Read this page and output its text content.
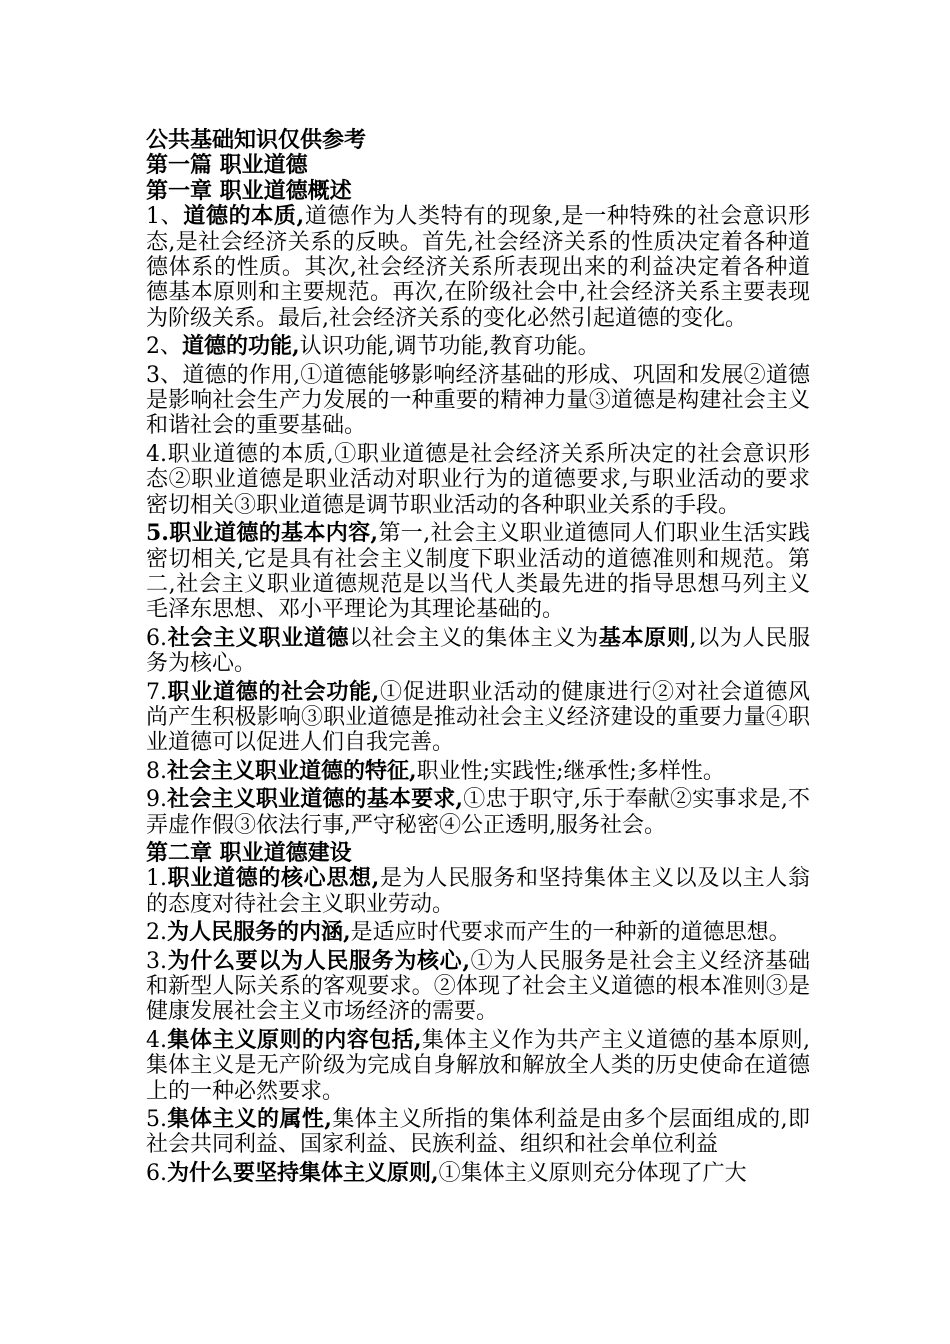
公共基础知识仅供参考
第一篇 职业道德
第一章 职业道德概述

1、道德的本质,道德作为人类特有的现象,是一种特殊的社会意识形态,是社会经济关系的反映。首先,社会经济关系的性质决定着各种道德体系的性质。其次,社会经济关系所表现出来的利益决定着各种道德基本原则和主要规范。再次,在阶级社会中,社会经济关系主要表现为阶级关系。最后,社会经济关系的变化必然引起道德的变化。

2、道德的功能,认识功能,调节功能,教育功能。

3、道德的作用,①道德能够影响经济基础的形成、巩固和发展②道德是影响社会生产力发展的一种重要的精神力量③道德是构建社会主义和谐社会的重要基础。

4.职业道德的本质,①职业道德是社会经济关系所决定的社会意识形态②职业道德是职业活动对职业行为的道德要求,与职业活动的要求密切相关③职业道德是调节职业活动的各种职业关系的手段。

5.职业道德的基本内容,第一,社会主义职业道德同人们职业生活实践密切相关,它是具有社会主义制度下职业活动的道德准则和规范。第二,社会主义职业道德规范是以当代人类最先进的指导思想马列主义毛泽东思想、邓小平理论为其理论基础的。

6.社会主义职业道德以社会主义的集体主义为基本原则,以为人民服务为核心。

7.职业道德的社会功能,①促进职业活动的健康进行②对社会道德风尚产生积极影响③职业道德是推动社会主义经济建设的重要力量④职业道德可以促进人们自我完善。

8.社会主义职业道德的特征,职业性;实践性;继承性;多样性。

9.社会主义职业道德的基本要求,①忠于职守,乐于奉献②实事求是,不弄虚作假③依法行事,严守秘密④公正透明,服务社会。

第二章 职业道德建设

1.职业道德的核心思想,是为人民服务和坚持集体主义以及以主人翁的态度对待社会主义职业劳动。

2.为人民服务的内涵,是适应时代要求而产生的一种新的道德思想。

3.为什么要以为人民服务为核心,①为人民服务是社会主义经济基础和新型人际关系的客观要求。②体现了社会主义道德的根本准则③是健康发展社会主义市场经济的需要。

4.集体主义原则的内容包括,集体主义作为共产主义道德的基本原则,集体主义是无产阶级为完成自身解放和解放全人类的历史使命在道德上的一种必然要求。

5.集体主义的属性,集体主义所指的集体利益是由多个层面组成的,即社会共同利益、国家利益、民族利益、组织和社会单位利益

6.为什么要坚持集体主义原则,①集体主义原则充分体现了广大
